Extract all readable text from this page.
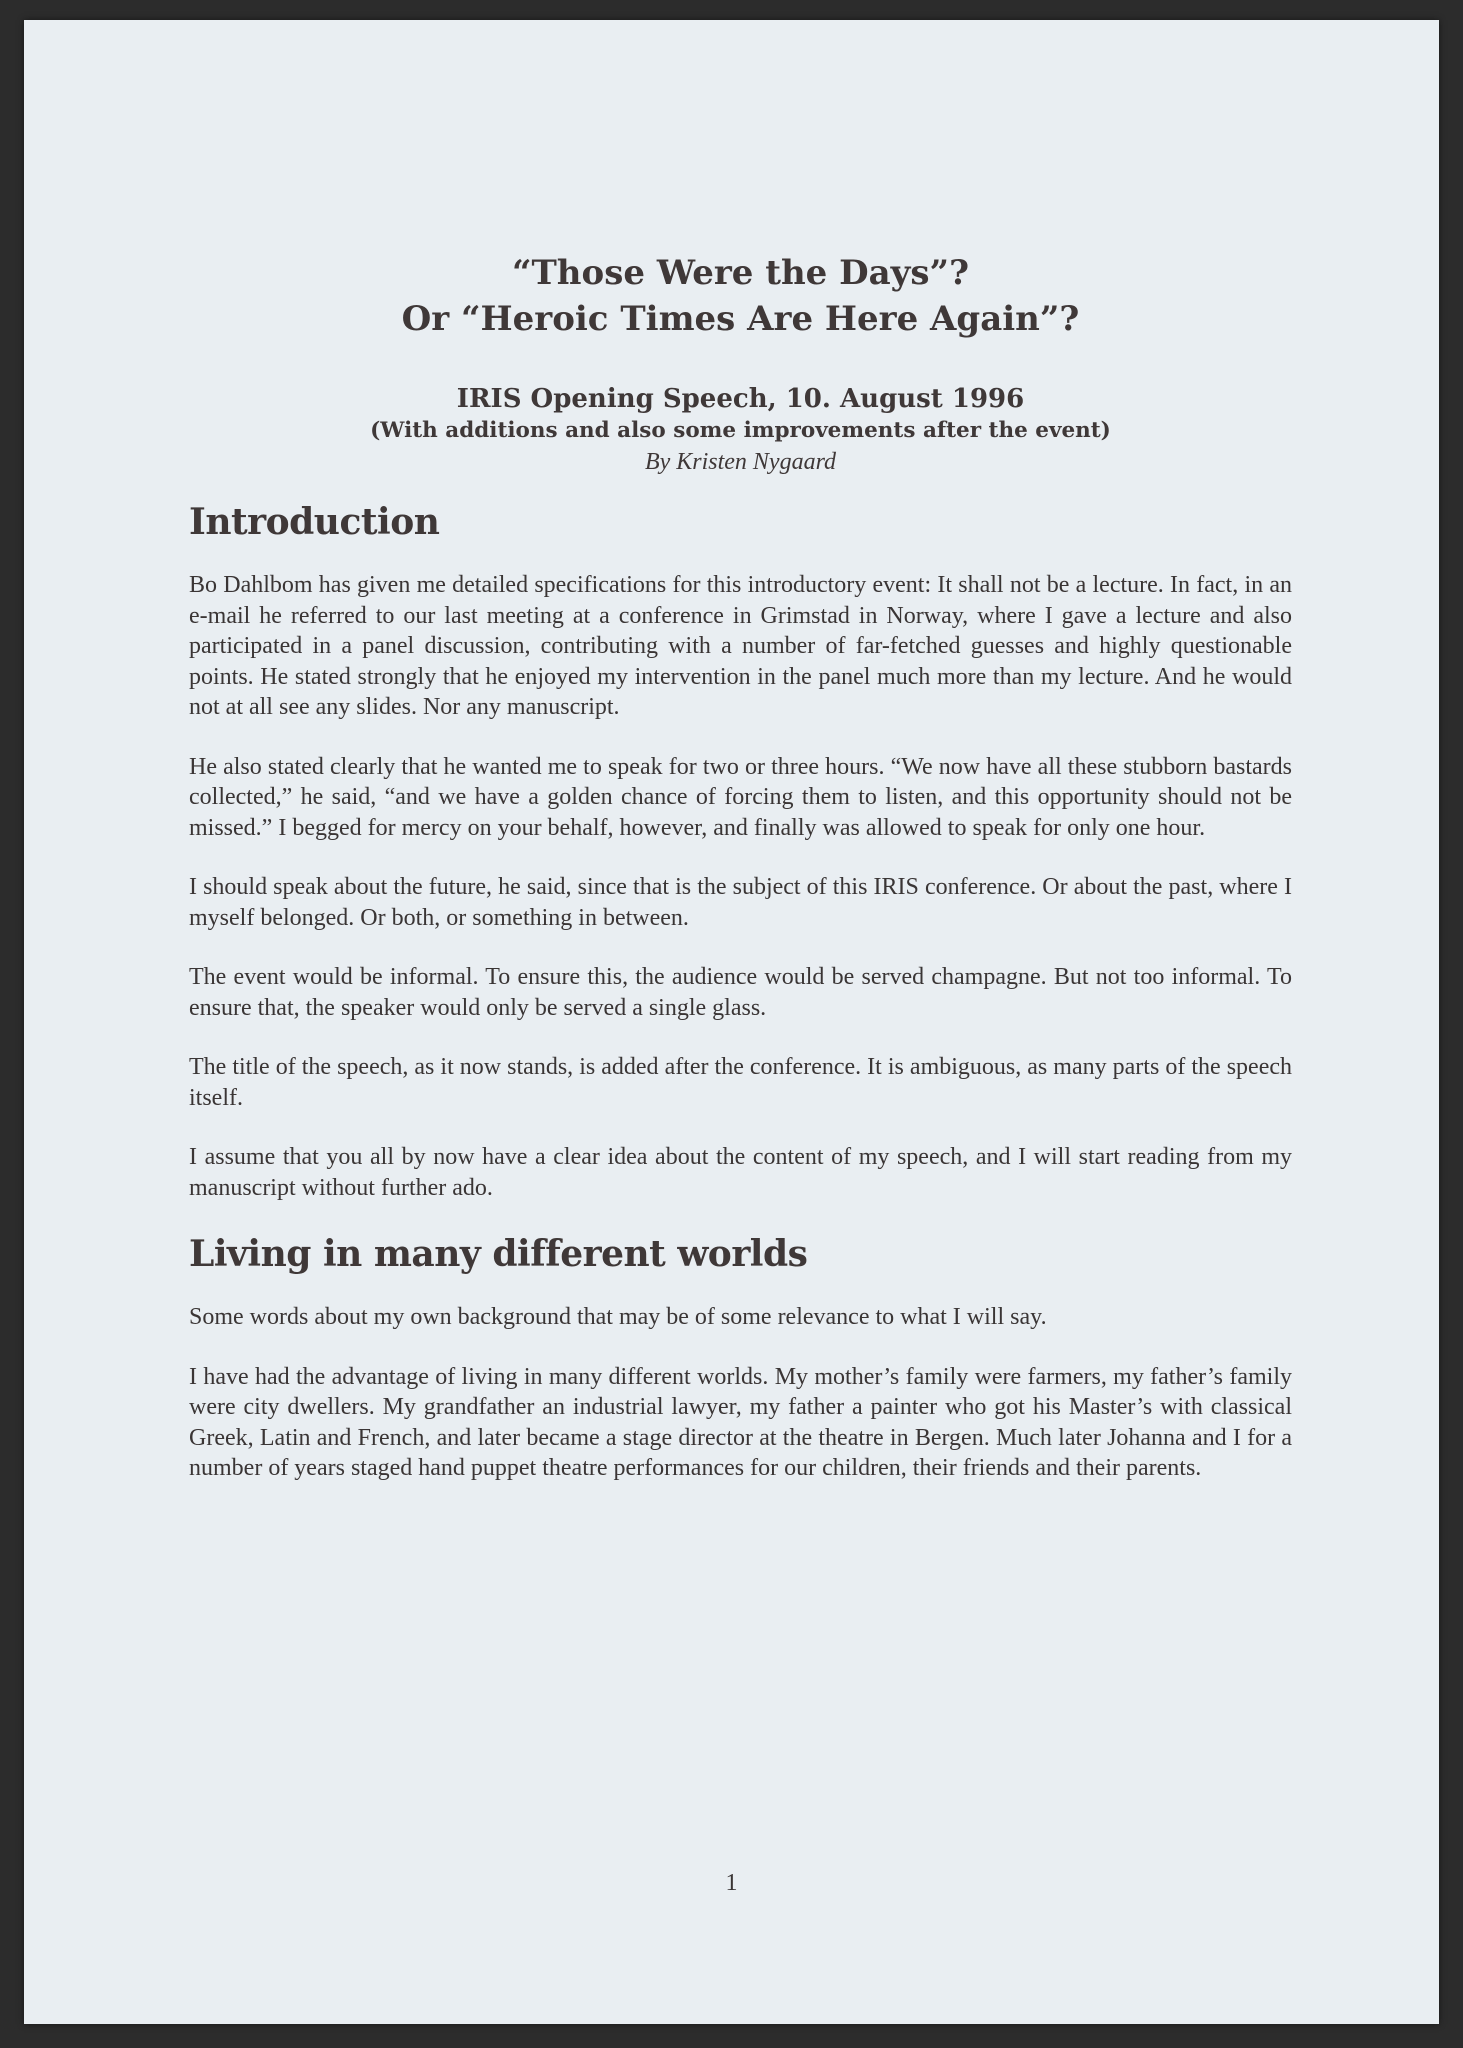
“Those Were the Days”?
Or “Heroic Times Are Here Again”?
IRIS Opening Speech, 10. August 1996
(With additions and also some improvements after the event)
By Kristen Nygaard
Introduction

Bo Dahlbom has given me detailed specifications for this introductory event: It shall not be a lecture. In fact, in an e-mail he referred to our last meeting at a conference in Grimstad in Norway, where I gave a lecture and also participated in a panel discussion, contributing with a number of far-fetched guesses and highly questionable points. He stated strongly that he enjoyed my intervention in the panel much more than my lecture. And he would not at all see any slides. Nor any manuscript.

He also stated clearly that he wanted me to speak for two or three hours. “We now have all these stubborn bastards collected,” he said, “and we have a golden chance of forcing them to listen, and this opportunity should not be missed.” I begged for mercy on your behalf, however, and finally was allowed to speak for only one hour.

I should speak about the future, he said, since that is the subject of this IRIS conference. Or about the past, where I myself belonged. Or both, or something in between.

The event would be informal. To ensure this, the audience would be served champagne. But not too informal. To ensure that, the speaker would only be served a single glass.

The title of the speech, as it now stands, is added after the conference. It is ambiguous, as many parts of the speech itself.

I assume that you all by now have a clear idea about the content of my speech, and I will start reading from my manuscript without further ado.

Living in many different worlds

Some words about my own background that may be of some relevance to what I will say.

I have had the advantage of living in many different worlds. My mother’s family were farmers, my father’s family were city dwellers. My grandfather an industrial lawyer, my father a painter who got his Master’s with classical Greek, Latin and French, and later became a stage director at the theatre in Bergen. Much later Johanna and I for a number of years staged hand puppet theatre performances for our children, their friends and their parents.

1
